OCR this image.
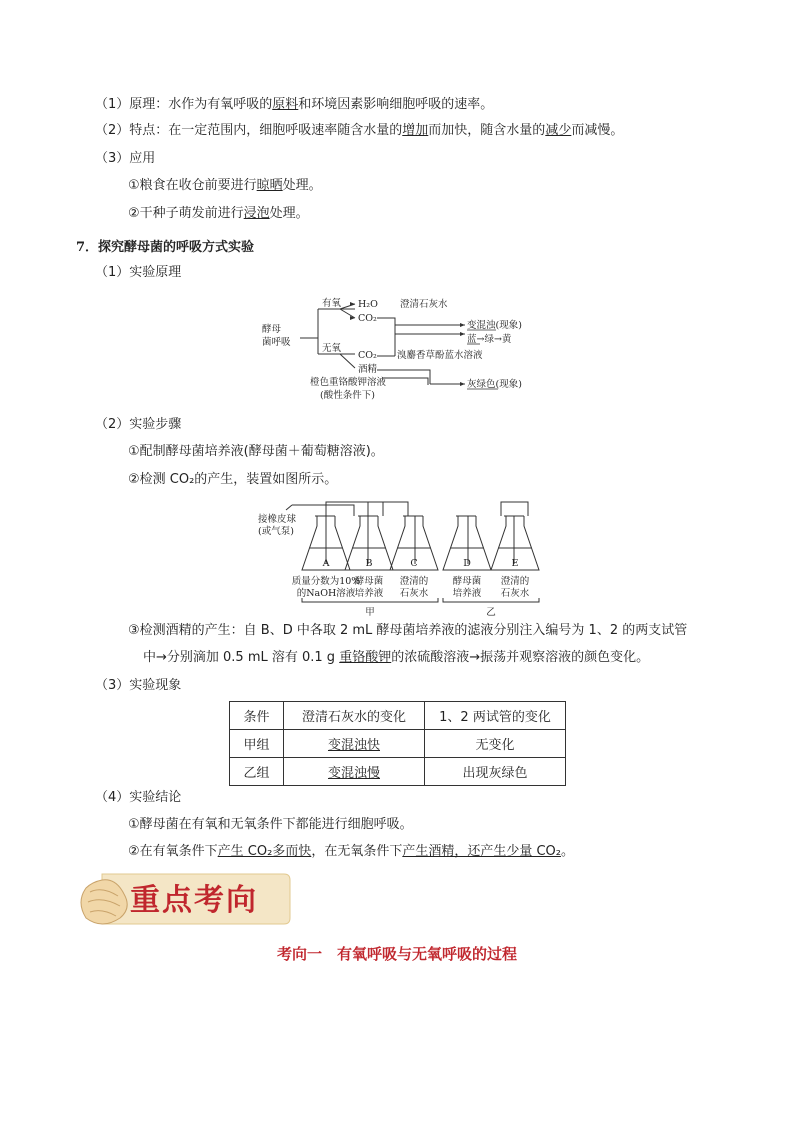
（1）原理：水作为有氧呼吸的原料和环境因素影响细胞呼吸的速率。
（2）特点：在一定范围内，细胞呼吸速率随含水量的增加而加快，随含水量的减少而减慢。
（3）应用
①粮食在收仓前要进行晾晒处理。
②干种子萌发前进行浸泡处理。
7．探究酵母菌的呼吸方式实验
（1）实验原理
酵母
菌呼吸
有氧
无氧
H₂O
CO₂
澄清石灰水
变混浊(现象)
蓝→绿→黄
CO₂ 溴麝香草酚蓝水溶液
酒精
橙色重铬酸钾溶液
(酸性条件下)
灰绿色(现象)
（2）实验步骤
①配制酵母菌培养液(酵母菌＋葡萄糖溶液)。
②检测 CO₂的产生，装置如图所示。
A	B	C	D	E
质量分数为10%
的NaOH溶液
酵母菌
培养液
澄清的
石灰水
酵母菌
培养液
澄清的
石灰水
甲	乙
接橡皮球
(或气泵)
③检测酒精的产生：自 B、D 中各取 2 mL 酵母菌培养液的滤液分别注入编号为 1、2 的两支试管
中→分别滴加 0.5 mL 溶有 0.1 g 重铬酸钾的浓硫酸溶液→振荡并观察溶液的颜色变化。
（3）实验现象
条件	澄清石灰水的变化	1、2 两试管的变化
甲组	变混浊快	无变化
乙组	变混浊慢	出现灰绿色
（4）实验结论
①酵母菌在有氧和无氧条件下都能进行细胞呼吸。
②在有氧条件下产生 CO₂多而快，在无氧条件下产生酒精，还产生少量 CO₂。
重点考向
考向一　有氧呼吸与无氧呼吸的过程
